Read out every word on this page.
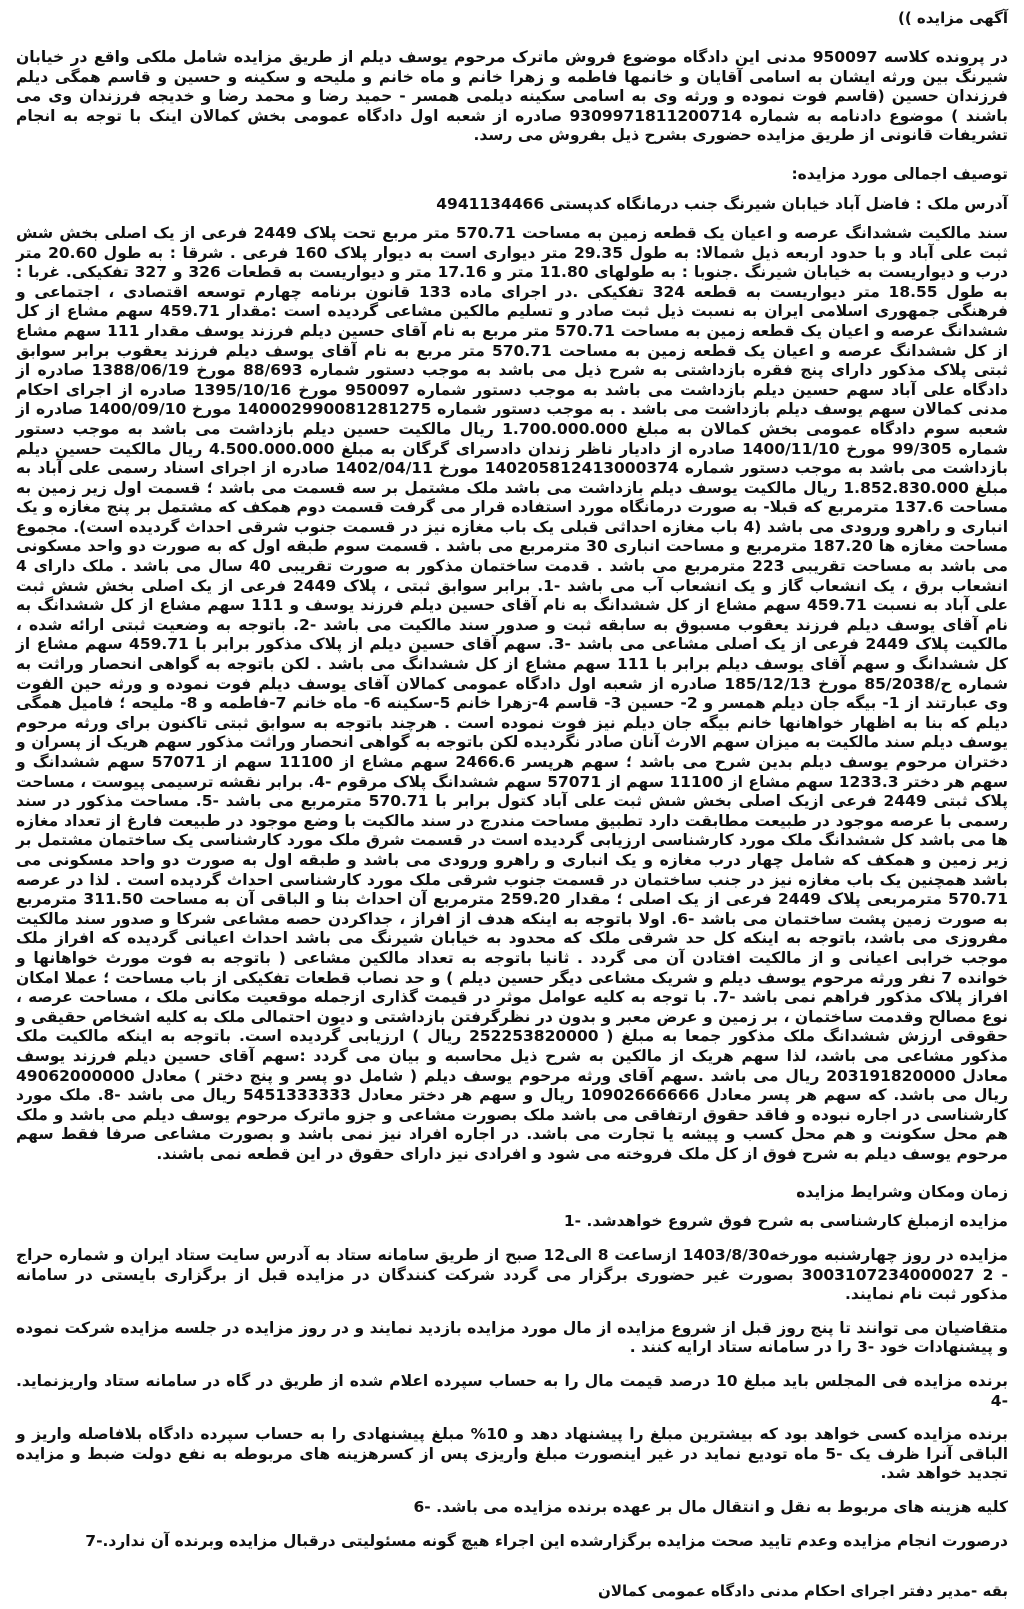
آگهی مزایده ))

در پرونده کلاسه 950097 مدنی این دادگاه موضوع فروش ماترک مرحوم یوسف دیلم از طریق مزایده شامل ملکی واقع در خیابان شیرنگ بین ورثه ایشان به اسامی آقایان و خانمها فاطمه و زهرا خانم و ماه خانم و ملیحه و سکینه و حسین و قاسم همگی دیلم فرزندان حسین (قاسم فوت نموده و ورثه وی به اسامی سکینه دیلمی همسر - حمید رضا و محمد رضا و خدیجه فرزندان وی می باشند ) موضوع دادنامه به شماره 9309971811200714 صادره از شعبه اول دادگاه عمومی بخش کمالان اینک با توجه به انجام تشریفات قانونی از طریق مزایده حضوری بشرح ذیل بفروش می رسد.

توصیف اجمالی مورد مزایده:

آدرس ملک : فاضل آباد خیابان شیرنگ جنب درمانگاه کدپستی 4941134466

سند مالکیت ششدانگ عرصه و اعیان یک قطعه زمین به مساحت 570.71 متر مربع تحت پلاک 2449 فرعی از یک اصلی بخش شش ثبت علی آباد و با حدود اربعه ذیل شمالا: به طول 29.35 متر دیواری است به دیوار پلاک 160 فرعی . شرقا : به طول 20.60 متر درب و دیواریست به خیابان شیرنگ .جنوبا : به طولهای 11.80 متر و 17.16 متر و دیواریست به قطعات 326 و 327 تفکیکی. غربا : به طول 18.55 متر دیواریست به قطعه 324 تفکیکی .در اجرای ماده 133 قانون برنامه چهارم توسعه اقتصادی ، اجتماعی و فرهنگی جمهوری اسلامی ایران به نسبت ذیل ثبت صادر و تسلیم مالکین مشاعی گردیده است :مقدار 459.71 سهم مشاع از کل ششدانگ عرصه و اعیان یک قطعه زمین به مساحت 570.71 متر مربع به نام آقای حسین دیلم فرزند یوسف مقدار 111 سهم مشاع از کل ششدانگ عرصه و اعیان یک قطعه زمین به مساحت 570.71 متر مربع به نام آقای یوسف دیلم فرزند یعقوب برابر سوابق ثبتی پلاک مذکور دارای پنج فقره بازداشتی به شرح ذیل می باشد به موجب دستور شماره 88/693 مورخ 1388/06/19 صادره از دادگاه علی آباد سهم حسین دیلم بازداشت می باشد به موجب دستور شماره 950097 مورخ 1395/10/16 صادره از اجرای احکام مدنی کمالان سهم یوسف دیلم بازداشت می باشد . به موجب دستور شماره 140002990081281275 مورخ 1400/09/10 صادره از شعبه سوم دادگاه عمومی بخش کمالان به مبلغ 1.700.000.000 ریال مالکیت حسین دیلم بازداشت می باشد به موجب دستور شماره 99/305 مورخ 1400/11/10 صادره از دادیار ناظر زندان دادسرای گرگان به مبلغ 4.500.000.000 ریال مالکیت حسین دیلم بازداشت می باشد به موجب دستور شماره 140205812413000374 مورخ 1402/04/11 صادره از اجرای اسناد رسمی علی آباد به مبلغ 1.852.830.000 ریال مالکیت یوسف دیلم بازداشت می باشد ملک مشتمل بر سه قسمت می باشد ؛ قسمت اول زیر زمین به مساحت 137.6 مترمربع که قبلا- به صورت درمانگاه مورد استفاده قرار می گرفت قسمت دوم همکف که مشتمل بر پنج مغازه و یک انباری و راهرو ورودی می باشد (4 باب مغازه احداثی قبلی یک باب مغازه نیز در قسمت جنوب شرقی احداث گردیده است). مجموع مساحت مغازه ها 187.20 مترمربع و مساحت انباری 30 مترمربع می باشد . قسمت سوم طبقه اول که به صورت دو واحد مسکونی می باشد به مساحت تقریبی 223 مترمربع می باشد . قدمت ساختمان مذکور به صورت تقریبی 40 سال می باشد . ملک دارای 4 انشعاب برق ، یک انشعاب گاز و یک انشعاب آب می باشد -1. برابر سوابق ثبتی ، پلاک 2449 فرعی از یک اصلی بخش شش ثبت علی آباد به نسبت 459.71 سهم مشاع از کل ششدانگ به نام آقای حسین دیلم فرزند یوسف و 111 سهم مشاع از کل ششدانگ به نام آقای یوسف دیلم فرزند یعقوب مسبوق به سابقه ثبت و صدور سند مالکیت می باشد -2. باتوجه به وضعیت ثبتی ارائه شده ، مالکیت پلاک 2449 فرعی از یک اصلی مشاعی می باشد -3. سهم آقای حسین دیلم از پلاک مذکور برابر با 459.71 سهم مشاع از کل ششدانگ و سهم آقای یوسف دیلم برابر با 111 سهم مشاع از کل ششدانگ می باشد . لکن باتوجه به گواهی انحصار وراثت به شماره ح/85/2038 مورخ 185/12/13 صادره از شعبه اول دادگاه عمومی کمالان آقای یوسف دیلم فوت نموده و ورثه حین الفوت وی عبارتند از 1- بیگه جان دیلم همسر و 2- حسین 3- قاسم 4-زهرا خانم 5-سکینه 6- ماه خانم 7-فاطمه و 8- ملیحه ؛ فامیل همگی دیلم که بنا به اظهار خواهانها خانم بیگه جان دیلم نیز فوت نموده است . هرچند باتوجه به سوابق ثبتی تاکنون برای ورثه مرحوم یوسف دیلم سند مالکیت به میزان سهم الارث آنان صادر نگردیده لکن باتوجه به گواهی انحصار وراثت مذکور سهم هریک از پسران و دختران مرحوم یوسف دیلم بدین شرح می باشد ؛ سهم هرپسر 2466.6 سهم مشاع از 11100 سهم از 57071 سهم ششدانگ و سهم هر دختر 1233.3 سهم مشاع از 11100 سهم از 57071 سهم ششدانگ پلاک مرقوم -4. برابر نقشه ترسیمی پیوست ، مساحت پلاک ثبتی 2449 فرعی ازیک اصلی بخش شش ثبت علی آباد کتول برابر با 570.71 مترمربع می باشد -5. مساحت مذکور در سند رسمی با عرصه موجود در طبیعت مطابقت دارد تطبیق مساحت مندرج در سند مالکیت با وضع موجود در طبیعت فارغ از تعداد مغازه ها می باشد کل ششدانگ ملک مورد کارشناسی ارزیابی گردیده است در قسمت شرق ملک مورد کارشناسی یک ساختمان مشتمل بر زیر زمین و همکف که شامل چهار درب مغازه و یک انباری و راهرو ورودی می باشد و طبقه اول به صورت دو واحد مسکونی می باشد همچنین یک باب مغازه نیز در جنب ساختمان در قسمت جنوب شرقی ملک مورد کارشناسی احداث گردیده است . لذا در عرصه 570.71 مترمربعی پلاک 2449 فرعی از یک اصلی ؛ مقدار 259.20 مترمربع آن احداث بنا و الباقی آن به مساحت 311.50 مترمربع به صورت زمین پشت ساختمان می باشد -6. اولا باتوجه به اینکه هدف از افراز ، جداکردن حصه مشاعی شرکا و صدور سند مالکیت مفروزی می باشد، باتوجه به اینکه کل حد شرقی ملک که محدود به خیابان شیرنگ می باشد احداث اعیانی گردیده که افراز ملک موجب خرابی اعیانی و از مالکیت افتادن آن می گردد . ثانیا باتوجه به تعداد مالکین مشاعی ( باتوجه به فوت مورث خواهانها و خوانده 7 نفر ورثه مرحوم یوسف دیلم و شریک مشاعی دیگر حسین دیلم ) و حد نصاب قطعات تفکیکی از باب مساحت ؛ عملا امکان افراز پلاک مذکور فراهم نمی باشد -7. با توجه به کلیه عوامل موثر در قیمت گذاری ازجمله موقعیت مکانی ملک ، مساحت عرصه ، نوع مصالح وقدمت ساختمان ، بر زمین و عرض معبر و بدون در نظرگرفتن بازداشتی و دیون احتمالی ملک به کلیه اشخاص حقیقی و حقوقی ارزش ششدانگ ملک مذکور جمعا به مبلغ ( 252253820000 ریال ) ارزیابی گردیده است. باتوجه به اینکه مالکیت ملک مذکور مشاعی می باشد، لذا سهم هریک از مالکین به شرح ذیل محاسبه و بیان می گردد :سهم آقای حسین دیلم فرزند یوسف معادل 203191820000 ریال می باشد .سهم آقای ورثه مرحوم یوسف دیلم ( شامل دو پسر و پنج دختر ) معادل 49062000000 ریال می باشد. که سهم هر پسر معادل 10902666666 ریال و سهم هر دختر معادل 5451333333 ریال می باشد -8. ملک مورد کارشناسی در اجاره نبوده و فاقد حقوق ارتفاقی می باشد ملک بصورت مشاعی و جزو ماترک مرحوم یوسف دیلم می باشد و ملک هم محل سکونت و هم محل کسب و پیشه یا تجارت می باشد. در اجاره افراد نیز نمی باشد و بصورت مشاعی صرفا فقط سهم مرحوم یوسف دیلم به شرح فوق از کل ملک فروخته می شود و افرادی نیز دارای حقوق در این قطعه نمی باشند.

زمان ومکان وشرایط مزایده

مزایده ازمبلغ کارشناسی به شرح فوق شروع خواهدشد. -1

مزایده در روز چهارشنبه مورخه1403/8/30 ازساعت 8 الی12 صبح از طریق سامانه ستاد به آدرس سایت ستاد ایران و شماره حراج - 2 3003107234000027 بصورت غیر حضوری برگزار می گردد شرکت کنندگان در مزایده قبل از برگزاری بایستی در سامانه مذکور ثبت نام نمایند.

متقاضیان می توانند تا پنج روز قبل از شروع مزایده از مال مورد مزایده بازدید نمایند و در روز مزایده در جلسه مزایده شرکت نموده و پیشنهادات خود -3 را در سامانه ستاد ارایه کنند .

برنده مزایده فی المجلس باید مبلغ 10 درصد قیمت مال را به حساب سپرده اعلام شده از طریق در گاه در سامانه ستاد واریزنماید. -4

برنده مزایده کسی خواهد بود که بیشترین مبلغ را پیشنهاد دهد و 10% مبلغ پیشنهادی را به حساب سپرده دادگاه بلافاصله واریز و الباقی آنرا ظرف یک -5 ماه تودیع نماید در غیر اینصورت مبلغ واریزی پس از کسرهزینه های مربوطه به نفع دولت ضبط و مزایده تجدید خواهد شد.

کلیه هزینه های مربوط به نقل و انتقال مال بر عهده برنده مزایده می باشد. -6

درصورت انجام مزایده وعدم تایید صحت مزایده برگزارشده این اجراء هیچ گونه مسئولیتی درقبال مزایده وبرنده آن ندارد.-7

بقه -مدیر دفتر اجرای احکام مدنی دادگاه عمومی کمالان
